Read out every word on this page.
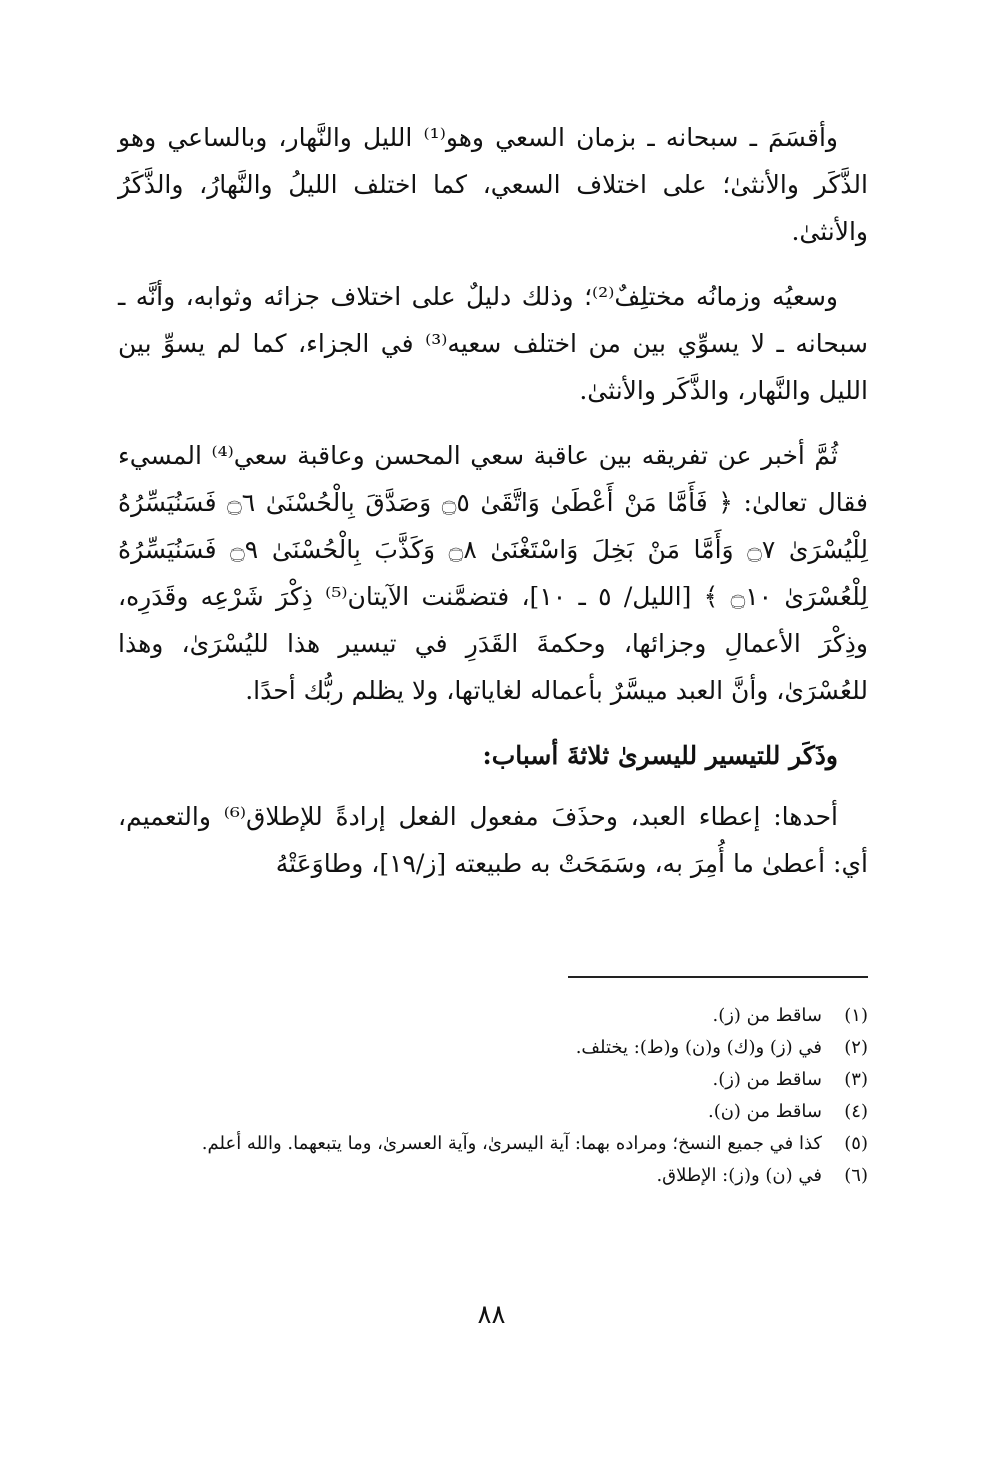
وأقسَمَ ـ سبحانه ـ بزمان السعي وهو⁽¹⁾ الليل والنَّهار، وبالساعي وهو الذَّكَر والأنثىٰ؛ على اختلاف السعي، كما اختلف الليلُ والنَّهارُ، والذَّكَرُ والأنثىٰ.

وسعيُه وزمانُه مختلِفٌ⁽²⁾؛ وذلك دليلٌ على اختلاف جزائه وثوابه، وأنَّه ـ سبحانه ـ لا يسوِّي بين من اختلف سعيه⁽³⁾ في الجزاء، كما لم يسوِّ بين الليل والنَّهار، والذَّكَر والأنثىٰ.

ثُمَّ أخبر عن تفريقه بين عاقبة سعي المحسن وعاقبة سعي⁽⁴⁾ المسيء فقال تعالىٰ: ﴿ فَأَمَّا مَنْ أَعْطَىٰ وَاتَّقَىٰ ۝٥ وَصَدَّقَ بِالْحُسْنَىٰ ۝٦ فَسَنُيَسِّرُهُ لِلْيُسْرَىٰ ۝٧ وَأَمَّا مَنْ بَخِلَ وَاسْتَغْنَىٰ ۝٨ وَكَذَّبَ بِالْحُسْنَىٰ ۝٩ فَسَنُيَسِّرُهُ لِلْعُسْرَىٰ ۝١٠ ﴾ [الليل/ ٥ ـ ١٠]، فتضمَّنت الآيتان⁽⁵⁾ ذِكْرَ شَرْعِه وقَدَرِه، وذِكْرَ الأعمالِ وجزائها، وحكمةَ القَدَرِ في تيسير هذا لليُسْرَىٰ، وهذا للعُسْرَىٰ، وأنَّ العبد ميسَّرٌ بأعماله لغاياتها، ولا يظلم ربُّك أحدًا.

وذَكَر للتيسير لليسرىٰ ثلاثةَ أسباب:

أحدها: إعطاء العبد، وحذَفَ مفعول الفعل إرادةً للإطلاق⁽⁶⁾ والتعميم، أي: أعطىٰ ما أُمِرَ به، وسَمَحَتْ به طبيعته [ز/١٩]، وطاوَعَتْهُ

(١)
ساقط من (ز).
(٢)
في (ز) و(ك) و(ن) و(ط): يختلف.
(٣)
ساقط من (ز).
(٤)
ساقط من (ن).
(٥)
كذا في جميع النسخ؛ ومراده بهما: آية اليسرىٰ، وآية العسرىٰ، وما يتبعهما. والله أعلم.
(٦)
في (ن) و(ز): الإطلاق.
٨٨
